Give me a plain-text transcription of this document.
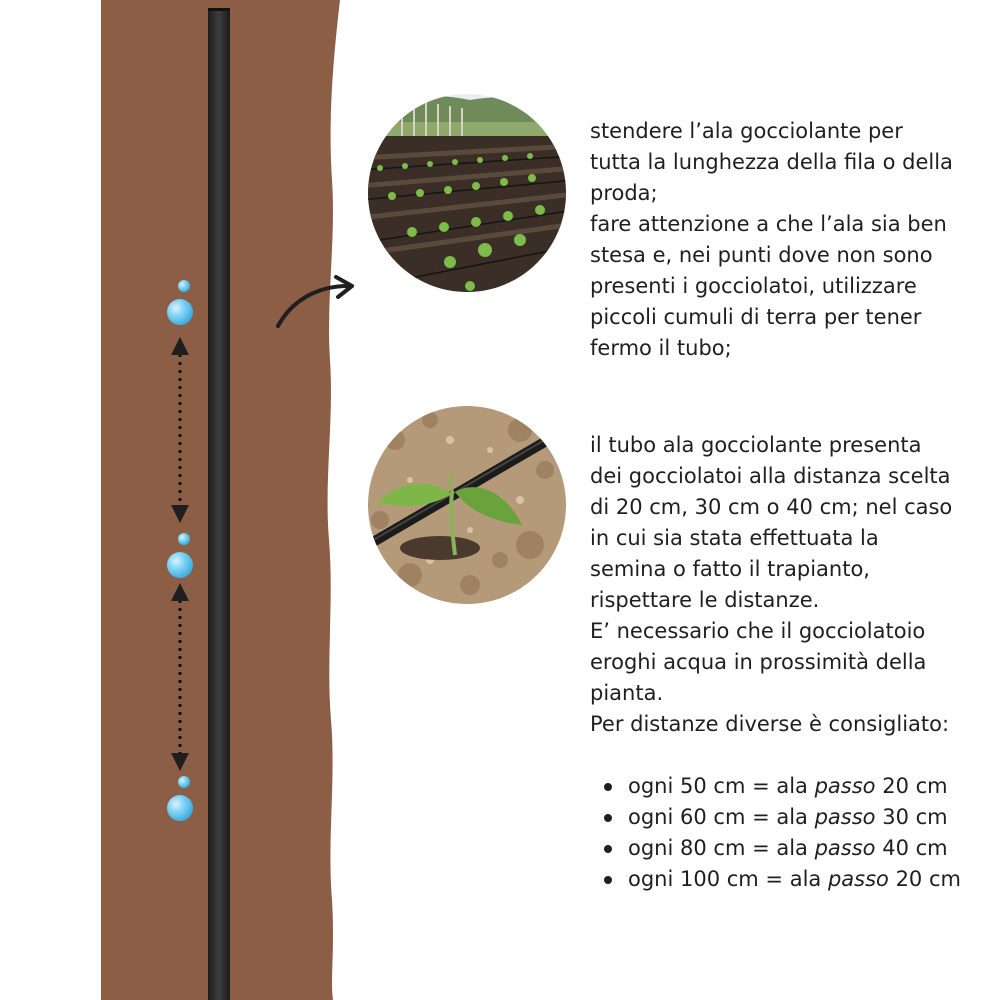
stendere l’ala gocciolante per tutta la lunghezza della fila o della proda;

fare attenzione a che l’ala sia ben stesa e, nei punti dove non sono presenti i gocciolatoi, utilizzare piccoli cumuli di terra per tener fermo il tubo;

il tubo ala gocciolante presenta dei gocciolatoi alla distanza scelta di 20 cm, 30 cm o 40 cm; nel caso in cui sia stata effettuata la semina o fatto il trapianto, rispettare le distanze.

E’ necessario che il gocciolatoio eroghi acqua in prossimità della pianta.

Per distanze diverse è consigliato:

ogni 50 cm = ala passo 20 cm
ogni 60 cm = ala passo 30 cm
ogni 80 cm = ala passo 40 cm
ogni 100 cm = ala passo 20 cm
